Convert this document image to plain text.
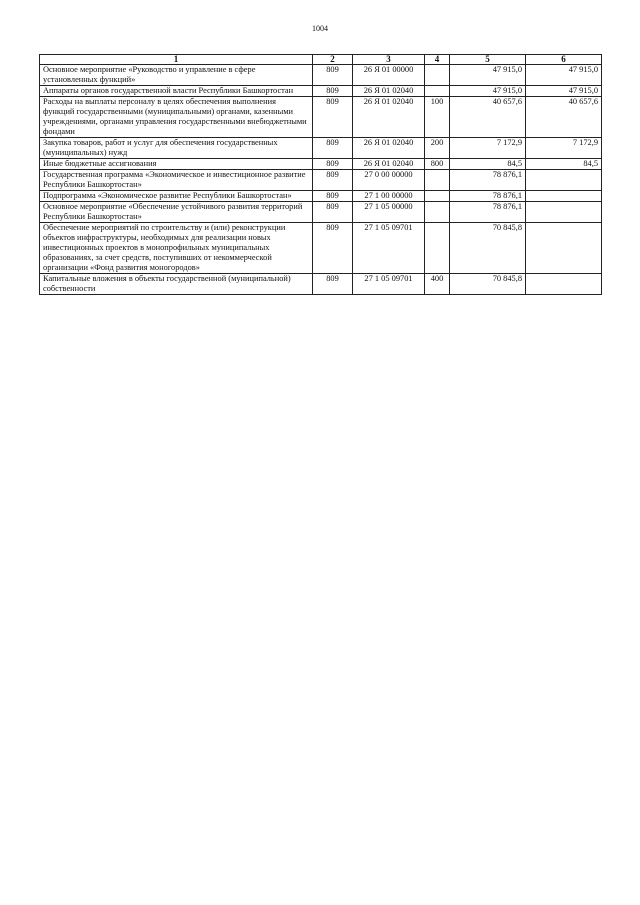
1004
1	2	3	4	5	6
Основное мероприятие «Руководство и управление в сфере установленных функций»	809	26 Я 01 00000		47 915,0	47 915,0
Аппараты органов государственной власти Республики Башкортостан	809	26 Я 01 02040		47 915,0	47 915,0
Расходы на выплаты персоналу в целях обеспечения выполнения функций государственными (муниципальными) органами, казенными учреждениями, органами управления государственными внебюджетными фондами	809	26 Я 01 02040	100	40 657,6	40 657,6
Закупка товаров, работ и услуг для обеспечения государственных (муниципальных) нужд	809	26 Я 01 02040	200	7 172,9	7 172,9
Иные бюджетные ассигнования	809	26 Я 01 02040	800	84,5	84,5
Государственная программа «Экономическое и инвестиционное развитие Республики Башкортостан»	809	27 0 00 00000		78 876,1	
Подпрограмма «Экономическое развитие Республики Башкортостан»	809	27 1 00 00000		78 876,1	
Основное мероприятие «Обеспечение устойчивого развития территорий Республики Башкортостан»	809	27 1 05 00000		78 876,1	
Обеспечение мероприятий по строительству и (или) реконструкции объектов инфраструктуры, необходимых для реализации новых инвестиционных проектов в монопрофильных муниципальных образованиях, за счет средств, поступивших от некоммерческой организации «Фонд развития моногородов»	809	27 1 05 09701		70 845,8	
Капитальные вложения в объекты государственной (муниципальной) собственности	809	27 1 05 09701	400	70 845,8	
